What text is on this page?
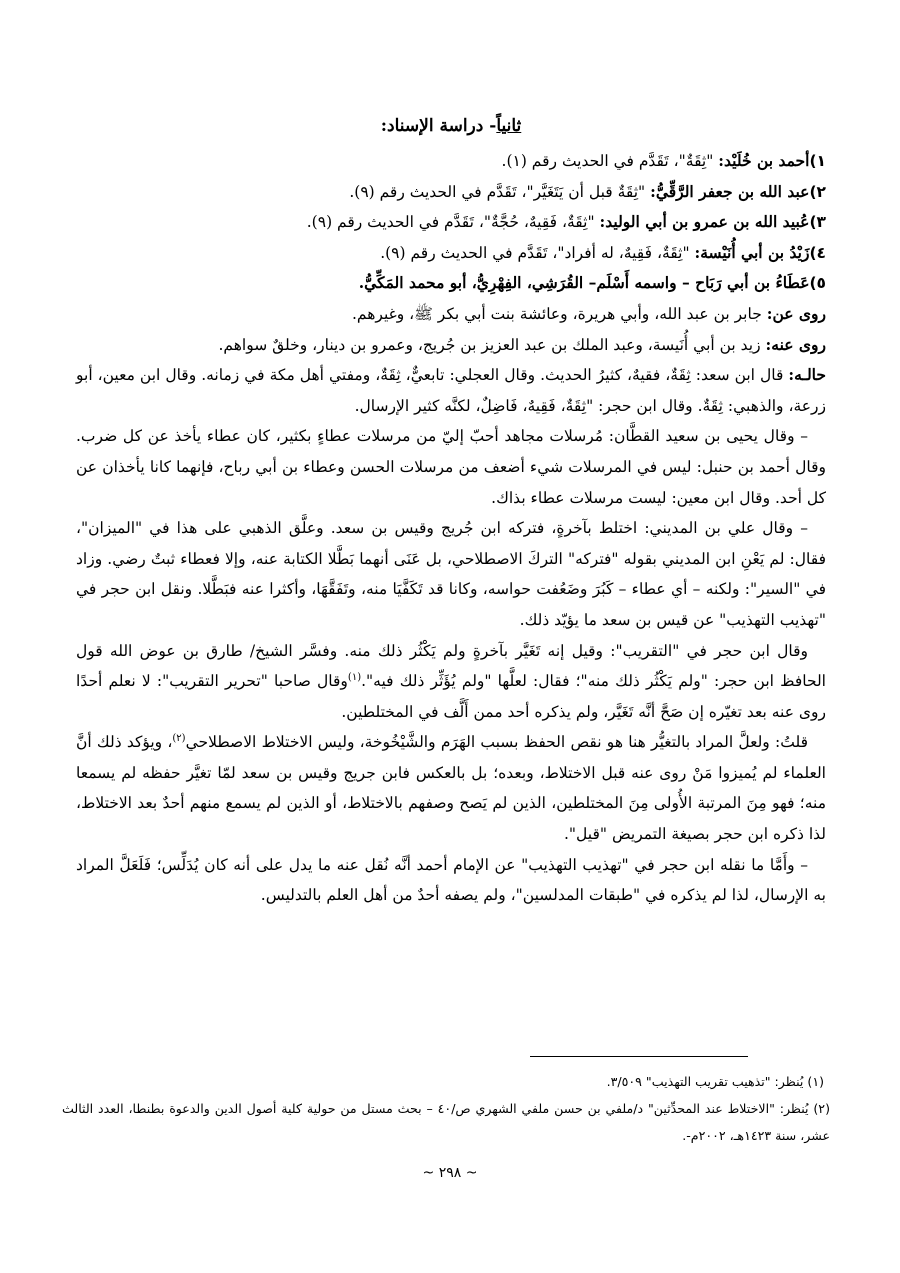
ثانياً- دراسة الإسناد:

١)أحمد بن خُلَيْد: "ثِقَةٌ"، تَقَدَّم في الحديث رقم (١).

٢)عبد الله بن جعفر الرَّقِّيُّ: "ثِقَةٌ قبل أن يَتَغَيَّر"، تَقَدَّم في الحديث رقم (٩).

٣)عُبيد الله بن عمرو بن أبي الوليد: "ثِقَةٌ، فَقِيهٌ، حُجَّةٌ"، تَقَدَّم في الحديث رقم (٩).

٤)زَيْدُ بن أبي أُنَيْسة: "ثِقَةٌ، فَقِيهٌ، له أفراد"، تَقَدَّم في الحديث رقم (٩).

٥)عَطَاءُ بن أبي رَبَاح – واسمه أَسْلَم– القُرَشِي، الفِهْرِيُّ، أبو محمد المَكِّيُّ.

روى عن: جابر بن عبد الله، وأبي هريرة، وعائشة بنت أبي بكر ﷺ، وغيرهم.

روى عنه: زيد بن أبي أُنَيسة، وعبد الملك بن عبد العزيز بن جُريج، وعمرو بن دينار، وخلقٌ سواهم.

حالـه: قال ابن سعد: ثِقَةٌ، فقيهٌ، كثيرُ الحديث. وقال العجلي: تابعيٌّ، ثِقَةٌ، ومفتي أهل مكة في زمانه. وقال ابن معين، أبو زرعة، والذهبي: ثِقَةٌ. وقال ابن حجر: "ثِقَةٌ، فَقِيهٌ، فَاضِلٌ، لكنَّه كثير الإرسال.

– وقال يحيى بن سعيد القطَّان: مُرسلات مجاهد أحبّ إليّ من مرسلات عطاءٍ بكثير، كان عطاء يأخذ عن كل ضرب. وقال أحمد بن حنبل: ليس في المرسلات شيء أضعف من مرسلات الحسن وعطاء بن أبي رباح، فإنهما كانا يأخذان عن كل أحد. وقال ابن معين: ليست مرسلات عطاء بذاك.

– وقال علي بن المديني: اختلط بآخرةٍ، فتركه ابن جُريج وقيس بن سعد. وعلَّق الذهبي على هذا في "الميزان"، فقال: لم يَعْنِ ابن المديني بقوله "فتركه" التركَ الاصطلاحي، بل عَنَى أنهما بَطَّلا الكتابة عنه، وإلا فعطاء ثبتٌ رضي. وزاد في "السير": ولكنه – أي عطاء – كَبُرَ وضَعُفت حواسه، وكانا قد تَكَفَّيَا منه، وتَفَقَّهَا، وأكثرا عنه فبَطَّلا. ونقل ابن حجر في "تهذيب التهذيب" عن قيس بن سعد ما يؤيّد ذلك.

وقال ابن حجر في "التقريب": وقيل إنه تَغَيَّر بآخرةٍ ولم يَكْثُر ذلك منه. وفسَّر الشيخ/ طارق بن عوض الله قول الحافظ ابن حجر: "ولم يَكْثُر ذلك منه"؛ فقال: لعلَّها "ولم يُؤَثِّر ذلك فيه".$^{(١)}$وقال صاحبا "تحرير التقريب": لا نعلم أحدًا روى عنه بعد تغيّره إن صَحَّ أنَّه تَغَيَّر، ولم يذكره أحد ممن أَلَّف في المختلطين.

قلتُ: ولعلَّ المراد بالتغيُّر هنا هو نقص الحفظ بسبب الهَرَم والشَّيْخُوخة، وليس الاختلاط الاصطلاحي$^{(٢)}$، ويؤكد ذلك أنَّ العلماء لم يُميزوا مَنْ روى عنه قبل الاختلاط، وبعده؛ بل بالعكس فابن جريج وقيس بن سعد لمّا تغيَّر حفظه لم يسمعا منه؛ فهو مِنَ المرتبة الأُولى مِنَ المختلطين، الذين لم يَصح وصفهم بالاختلاط، أو الذين لم يسمع منهم أحدٌ بعد الاختلاط، لذا ذكره ابن حجر بصيغة التمريض "قيل".

– وأَمَّا ما نقله ابن حجر في "تهذيب التهذيب" عن الإمام أحمد أنَّه نُقل عنه ما يدل على أنه كان يُدَلِّس؛ فَلَعَلَّ المراد به الإرسال، لذا لم يذكره في "طبقات المدلسين"، ولم يصفه أحدٌ من أهل العلم بالتدليس.

(١) يُنظر: "تذهيب تقريب التهذيب" ٣/٥٠٩.

(٢) يُنظر: "الاختلاط عند المحدِّثين" د/ملفي بن حسن ملفي الشهري ص/٤٠ – بحث مستل من حولية كلية أصول الدين والدعوة بطنطا، العدد الثالث عشر، سنة ١٤٢٣هـ، ٢٠٠٢م-.

~ ٢٩٨ ~
